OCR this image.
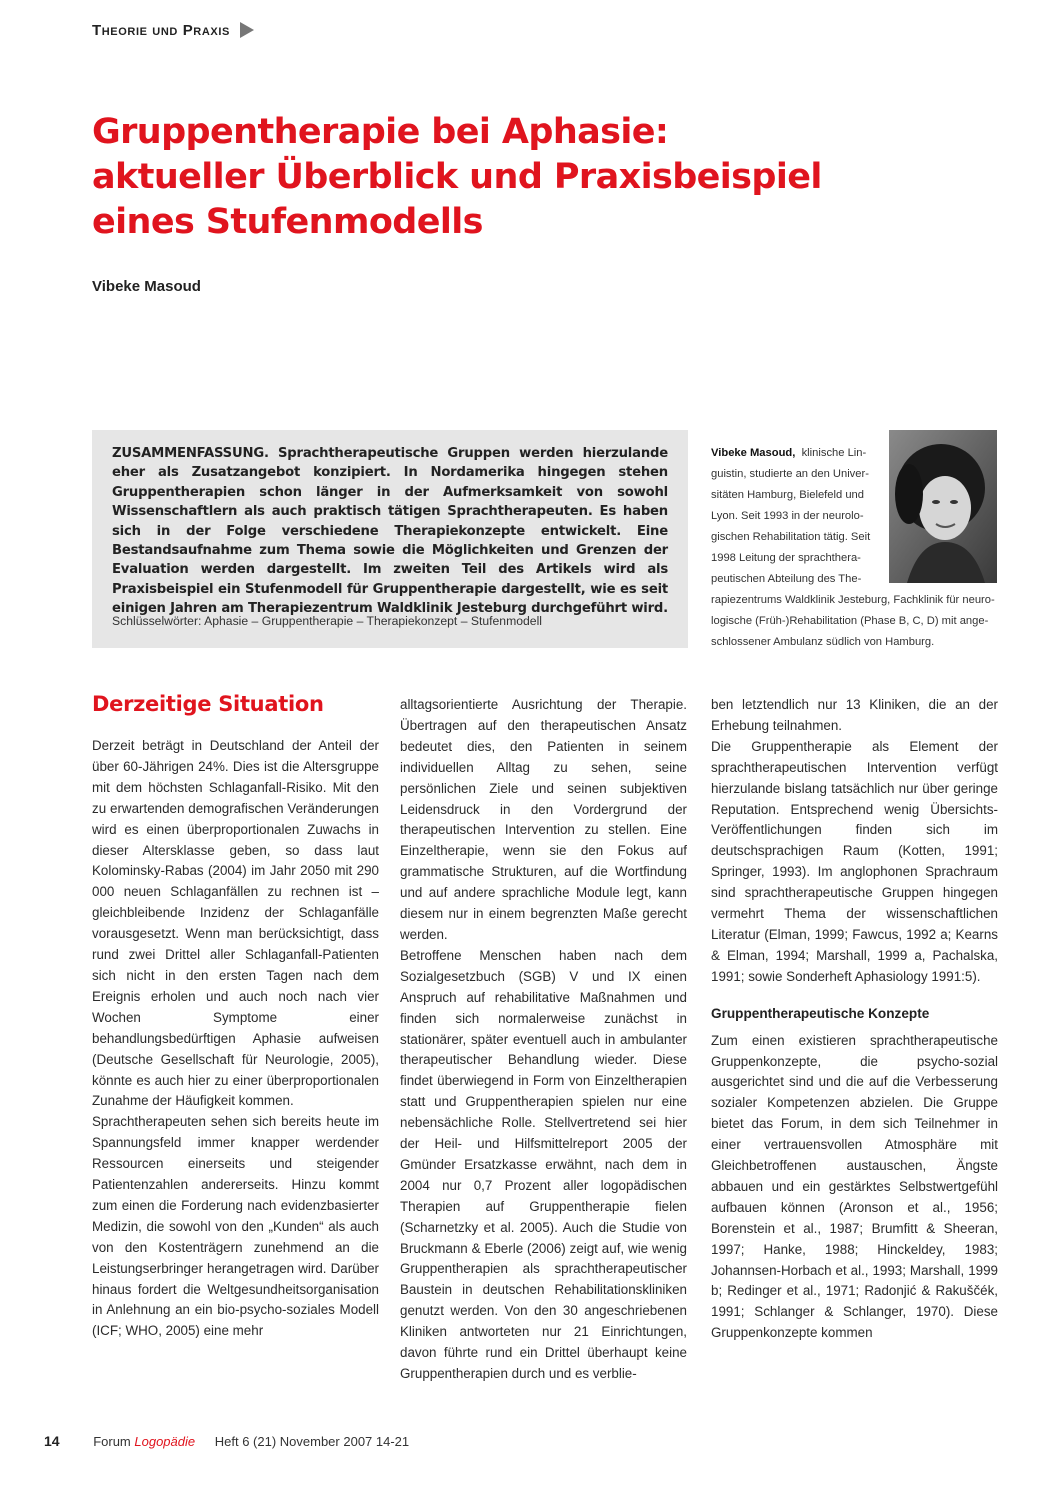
Theorie und Praxis
Gruppentherapie bei Aphasie:
aktueller Überblick und Praxisbeispiel
eines Stufenmodells
Vibeke Masoud
ZUSAMMENFASSUNG. Sprachtherapeutische Gruppen werden hierzulande eher als Zusatzangebot konzipiert. In Nordamerika hingegen stehen Gruppentherapien schon länger in der Aufmerksamkeit von sowohl Wissenschaftlern als auch praktisch tätigen Sprachtherapeuten. Es haben sich in der Folge verschiedene Therapiekonzepte entwickelt. Eine Bestandsaufnahme zum Thema sowie die Möglichkeiten und Grenzen der Evaluation werden dargestellt. Im zweiten Teil des Artikels wird als Praxisbeispiel ein Stufenmodell für Gruppentherapie dargestellt, wie es seit einigen Jahren am Therapiezentrum Waldklinik Jesteburg durchgeführt wird.
Schlüsselwörter: Aphasie – Gruppentherapie – Therapiekonzept – Stufenmodell
Vibeke Masoud, klinische Lin-
guistin, studierte an den Univer-
sitäten Hamburg, Bielefeld und
Lyon. Seit 1993 in der neurolo-
gischen Rehabilitation tätig. Seit
1998 Leitung der sprachthera-
peutischen Abteilung des The-
rapiezentrums Waldklinik Jesteburg, Fachklinik für neuro-
logische (Früh-)Rehabilitation (Phase B, C, D) mit ange-
schlossener Ambulanz südlich von Hamburg.
Derzeitige Situation

Derzeit beträgt in Deutschland der Anteil der über 60-Jährigen 24%. Dies ist die Altersgruppe mit dem höchsten Schlaganfall-Risiko. Mit den zu erwartenden demografischen Veränderungen wird es einen überproportionalen Zuwachs in dieser Altersklasse geben, so dass laut Kolominsky-Rabas (2004) im Jahr 2050 mit 290 000 neuen Schlaganfällen zu rechnen ist – gleichbleibende Inzidenz der Schlaganfälle vorausgesetzt. Wenn man berücksichtigt, dass rund zwei Drittel aller Schlaganfall-Patienten sich nicht in den ersten Tagen nach dem Ereignis erholen und auch noch nach vier Wochen Symptome einer behandlungsbedürftigen Aphasie aufweisen (Deutsche Gesellschaft für Neurologie, 2005), könnte es auch hier zu einer überproportionalen Zunahme der Häufigkeit kommen.

Sprachtherapeuten sehen sich bereits heute im Spannungsfeld immer knapper werdender Ressourcen einerseits und steigender Patientenzahlen andererseits. Hinzu kommt zum einen die Forderung nach evidenzbasierter Medizin, die sowohl von den „Kunden“ als auch von den Kostenträgern zunehmend an die Leistungserbringer herangetragen wird. Darüber hinaus fordert die Weltgesundheitsorganisation in Anlehnung an ein bio-psycho-soziales Modell (ICF; WHO, 2005) eine mehr

alltagsorientierte Ausrichtung der Therapie. Übertragen auf den therapeutischen Ansatz bedeutet dies, den Patienten in seinem individuellen Alltag zu sehen, seine persönlichen Ziele und seinen subjektiven Leidensdruck in den Vordergrund der therapeutischen Intervention zu stellen. Eine Einzeltherapie, wenn sie den Fokus auf grammatische Strukturen, auf die Wortfindung und auf andere sprachliche Module legt, kann diesem nur in einem begrenzten Maße gerecht werden.

Betroffene Menschen haben nach dem Sozialgesetzbuch (SGB) V und IX einen Anspruch auf rehabilitative Maßnahmen und finden sich normalerweise zunächst in stationärer, später eventuell auch in ambulanter therapeutischer Behandlung wieder. Diese findet überwiegend in Form von Einzeltherapien statt und Gruppentherapien spielen nur eine nebensächliche Rolle. Stellvertretend sei hier der Heil- und Hilfsmittelreport 2005 der Gmünder Ersatzkasse erwähnt, nach dem in 2004 nur 0,7 Prozent aller logopädischen Therapien auf Gruppentherapie fielen (Scharnetzky et al. 2005). Auch die Studie von Bruckmann & Eberle (2006) zeigt auf, wie wenig Gruppentherapien als sprachtherapeutischer Baustein in deutschen Rehabilitationskliniken genutzt werden. Von den 30 angeschriebenen Kliniken antworteten nur 21 Einrichtungen, davon führte rund ein Drittel überhaupt keine Gruppentherapien durch und es verblie-

ben letztendlich nur 13 Kliniken, die an der Erhebung teilnahmen.

Die Gruppentherapie als Element der sprachtherapeutischen Intervention verfügt hierzulande bislang tatsächlich nur über geringe Reputation. Entsprechend wenig Übersichts-Veröffentlichungen finden sich im deutschsprachigen Raum (Kotten, 1991; Springer, 1993). Im anglophonen Sprachraum sind sprachtherapeutische Gruppen hingegen vermehrt Thema der wissenschaftlichen Literatur (Elman, 1999; Fawcus, 1992 a; Kearns & Elman, 1994; Marshall, 1999 a, Pachalska, 1991; sowie Sonderheft Aphasiology 1991:5).

Gruppentherapeutische Konzepte

Zum einen existieren sprachtherapeutische Gruppenkonzepte, die psycho-sozial ausgerichtet sind und die auf die Verbesserung sozialer Kompetenzen abzielen. Die Gruppe bietet das Forum, in dem sich Teilnehmer in einer vertrauensvollen Atmosphäre mit Gleichbetroffenen austauschen, Ängste abbauen und ein gestärktes Selbstwertgefühl aufbauen können (Aronson et al., 1956; Borenstein et al., 1987; Brumfitt & Sheeran, 1997; Hanke, 1988; Hinckeldey, 1983; Johannsen-Horbach et al., 1993; Marshall, 1999 b; Redinger et al., 1971; Radonjić & Rakuščék, 1991; Schlanger & Schlanger, 1970). Diese Gruppenkonzepte kommen

14	Forum Logopädie Heft 6 (21) November 2007 14-21
